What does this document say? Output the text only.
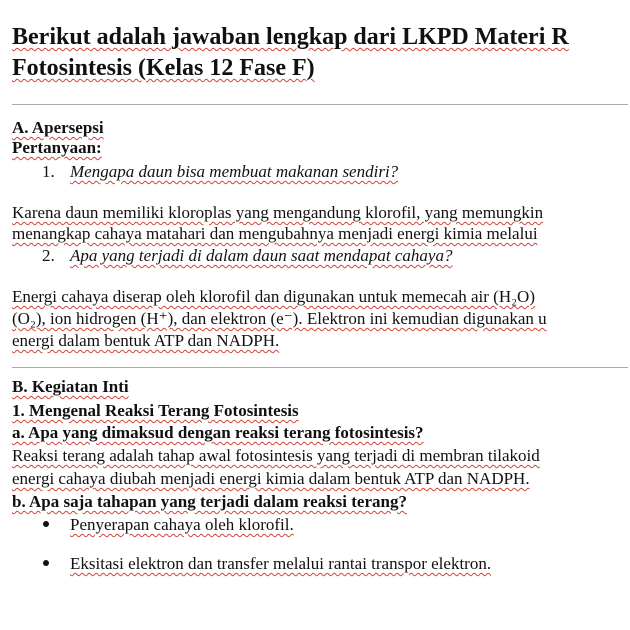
Berikut adalah jawaban lengkap dari LKPD Materi R
Fotosintesis (Kelas 12 Fase F)
A. Apersepsi
Pertanyaan:
1. Mengapa daun bisa membuat makanan sendiri?
Karena daun memiliki kloroplas yang mengandung klorofil, yang memungkin
menangkap cahaya matahari dan mengubahnya menjadi energi kimia melalui
2. Apa yang terjadi di dalam daun saat mendapat cahaya?
Energi cahaya diserap oleh klorofil dan digunakan untuk memecah air (H₂O)
(O₂), ion hidrogen (H⁺), dan elektron (e⁻). Elektron ini kemudian digunakan u
energi dalam bentuk ATP dan NADPH.
B. Kegiatan Inti
1. Mengenal Reaksi Terang Fotosintesis
a. Apa yang dimaksud dengan reaksi terang fotosintesis?
Reaksi terang adalah tahap awal fotosintesis yang terjadi di membran tilakoid
energi cahaya diubah menjadi energi kimia dalam bentuk ATP dan NADPH.
b. Apa saja tahapan yang terjadi dalam reaksi terang?
Penyerapan cahaya oleh klorofil.
Eksitasi elektron dan transfer melalui rantai transpor elektron.
